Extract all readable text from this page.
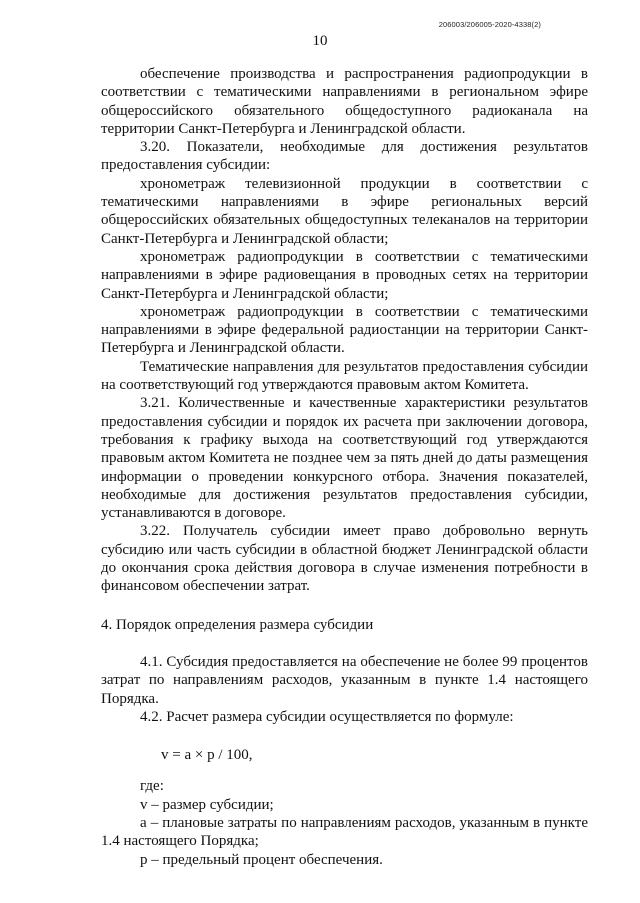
206003/206005-2020-4338(2)
10

обеспечение производства и распространения радиопродукции в соответствии с тематическими направлениями в региональном эфире общероссийского обязательного общедоступного радиоканала на территории Санкт-Петербурга и Ленинградской области.

3.20. Показатели, необходимые для достижения результатов предоставления субсидии:

хронометраж телевизионной продукции в соответствии с тематическими направлениями в эфире региональных версий общероссийских обязательных общедоступных телеканалов на территории Санкт-Петербурга и Ленинградской области;

хронометраж радиопродукции в соответствии с тематическими направлениями в эфире радиовещания в проводных сетях на территории Санкт-Петербурга и Ленинградской области;

хронометраж радиопродукции в соответствии с тематическими направлениями в эфире федеральной радиостанции на территории Санкт-Петербурга и Ленинградской области.

Тематические направления для результатов предоставления субсидии на соответствующий год утверждаются правовым актом Комитета.

3.21. Количественные и качественные характеристики результатов предоставления субсидии и порядок их расчета при заключении договора, требования к графику выхода на соответствующий год утверждаются правовым актом Комитета не позднее чем за пять дней до даты размещения информации о проведении конкурсного отбора. Значения показателей, необходимые для достижения результатов предоставления субсидии, устанавливаются в договоре.

3.22. Получатель субсидии имеет право добровольно вернуть субсидию или часть субсидии в областной бюджет Ленинградской области до окончания срока действия договора в случае изменения потребности в финансовом обеспечении затрат.

4. Порядок определения размера субсидии

4.1. Субсидия предоставляется на обеспечение не более 99 процентов затрат по направлениям расходов, указанным в пункте 1.4 настоящего Порядка.

4.2. Расчет размера субсидии осуществляется по формуле:

v = a × p / 100,

где:

v – размер субсидии;

a – плановые затраты по направлениям расходов, указанным в пункте 1.4 настоящего Порядка;

p – предельный процент обеспечения.
